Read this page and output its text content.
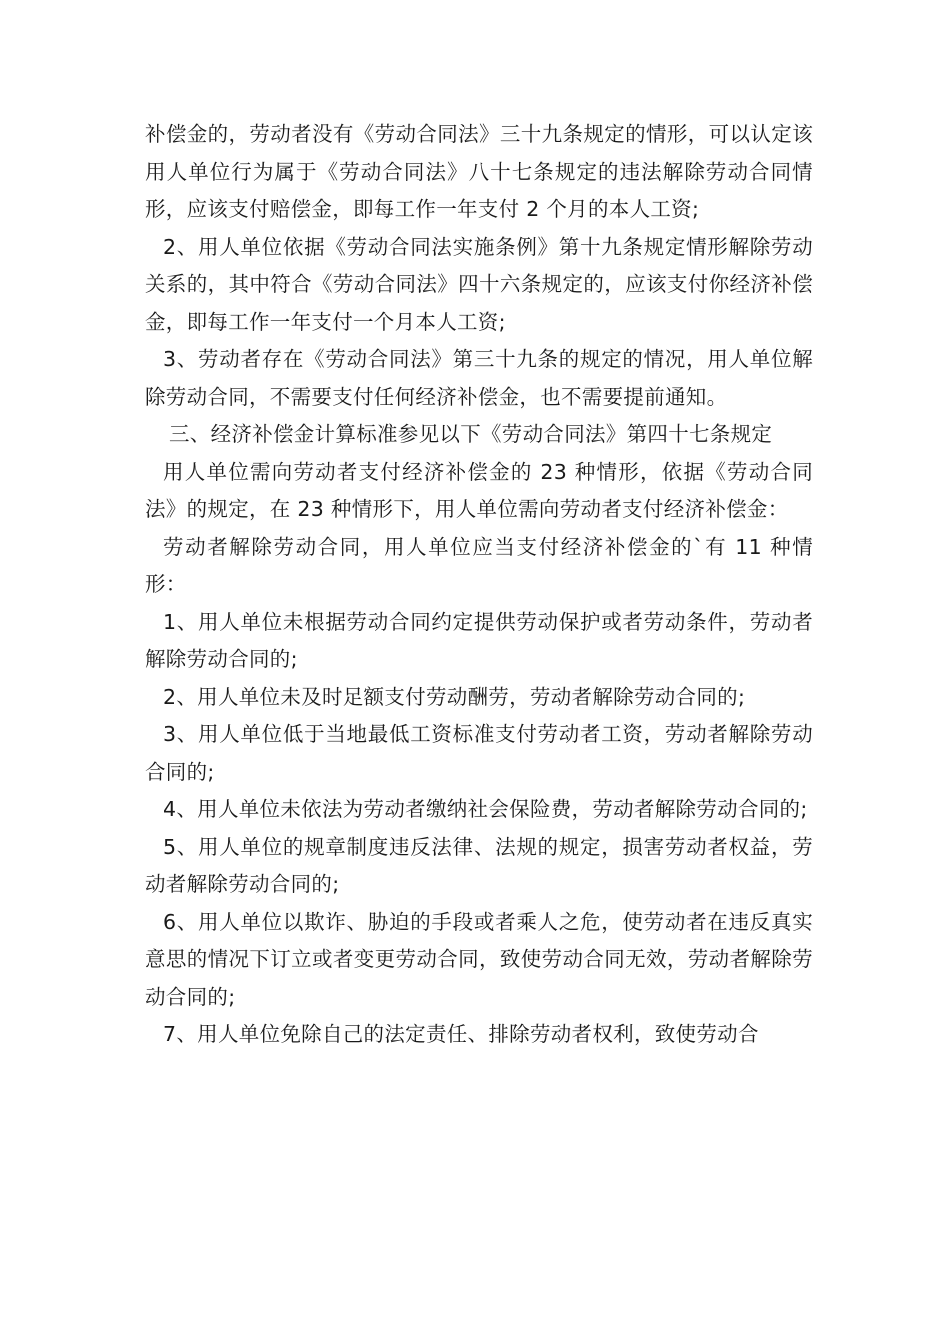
补偿金的，劳动者没有《劳动合同法》三十九条规定的情形，可以认定该用人单位行为属于《劳动合同法》八十七条规定的违法解除劳动合同情形，应该支付赔偿金，即每工作一年支付 2 个月的本人工资;

2、用人单位依据《劳动合同法实施条例》第十九条规定情形解除劳动关系的，其中符合《劳动合同法》四十六条规定的，应该支付你经济补偿金，即每工作一年支付一个月本人工资;

3、劳动者存在《劳动合同法》第三十九条的规定的情况，用人单位解除劳动合同，不需要支付任何经济补偿金，也不需要提前通知。

三、经济补偿金计算标准参见以下《劳动合同法》第四十七条规定

用人单位需向劳动者支付经济补偿金的 23 种情形，依据《劳动合同法》的规定，在 23 种情形下，用人单位需向劳动者支付经济补偿金：

劳动者解除劳动合同，用人单位应当支付经济补偿金的`有 11 种情形：

1、用人单位未根据劳动合同约定提供劳动保护或者劳动条件，劳动者解除劳动合同的;

2、用人单位未及时足额支付劳动酬劳，劳动者解除劳动合同的;

3、用人单位低于当地最低工资标准支付劳动者工资，劳动者解除劳动合同的;

4、用人单位未依法为劳动者缴纳社会保险费，劳动者解除劳动合同的;

5、用人单位的规章制度违反法律、法规的规定，损害劳动者权益，劳动者解除劳动合同的;

6、用人单位以欺诈、胁迫的手段或者乘人之危，使劳动者在违反真实意思的情况下订立或者变更劳动合同，致使劳动合同无效，劳动者解除劳动合同的;

7、用人单位免除自己的法定责任、排除劳动者权利，致使劳动合
